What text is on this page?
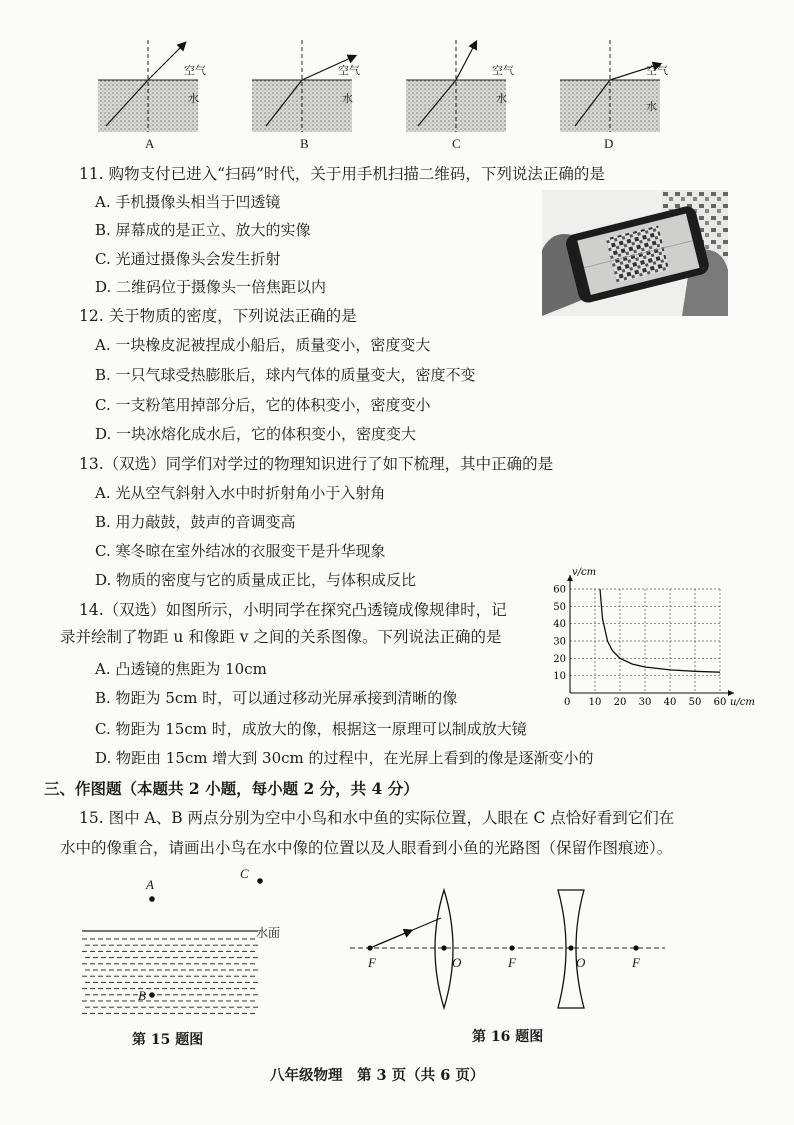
A	B	C	D
空气
水
空气
水
空气
水
空气
水
11. 购物支付已进入“扫码”时代，关于用手机扫描二维码，下列说法正确的是
A. 手机摄像头相当于凹透镜
B. 屏幕成的是正立、放大的实像
C. 光通过摄像头会发生折射
D. 二维码位于摄像头一倍焦距以内
12. 关于物质的密度，下列说法正确的是
A. 一块橡皮泥被捏成小船后，质量变小，密度变大
B. 一只气球受热膨胀后，球内气体的质量变大，密度不变
C. 一支粉笔用掉部分后，它的体积变小，密度变小
D. 一块冰熔化成水后，它的体积变小，密度变大
13.（双选）同学们对学过的物理知识进行了如下梳理，其中正确的是
A. 光从空气斜射入水中时折射角小于入射角
B. 用力敲鼓，鼓声的音调变高
C. 寒冬晾在室外结冰的衣服变干是升华现象
D. 物质的密度与它的质量成正比，与体积成反比
14.（双选）如图所示，小明同学在探究凸透镜成像规律时，记
录并绘制了物距 u 和像距 v 之间的关系图像。下列说法正确的是
A. 凸透镜的焦距为 10cm
B. 物距为 5cm 时，可以通过移动光屏承接到清晰的像
C. 物距为 15cm 时，成放大的像，根据这一原理可以制成放大镜
D. 物距由 15cm 增大到 30cm 的过程中，在光屏上看到的像是逐渐变小的
10 20 30 40 50 60
10
20
30
40
50
60
v/cm
u/cm
0
三、作图题（本题共 2 小题，每小题 2 分，共 4 分）
15. 图中 A、B 两点分别为空中小鸟和水中鱼的实际位置，人眼在 C 点恰好看到它们在
水中的像重合，请画出小鸟在水中像的位置以及人眼看到小鱼的光路图（保留作图痕迹）。
A
C
B
水面
第 15 题图
F	O	F	O	F
第 16 题图
八年级物理　第 3 页（共 6 页）
